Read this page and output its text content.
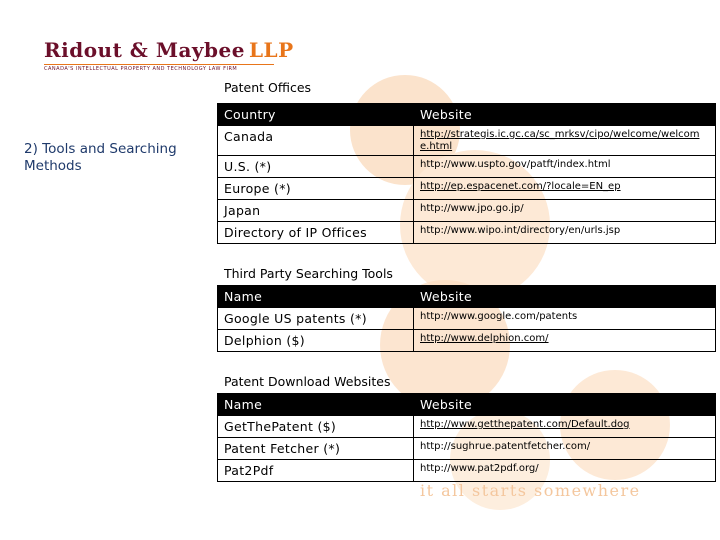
Ridout & Maybee LLP
CANADA'S INTELLECTUAL PROPERTY AND TECHNOLOGY LAW FIRM
2) Tools and Searching Methods
Patent Offices
Country	Website
Canada	http://strategis.ic.gc.ca/sc_mrksv/cipo/welcome/welcom e.html
U.S. (*)	http://www.uspto.gov/patft/index.html
Europe (*)	http://ep.espacenet.com/?locale=EN_ep
Japan	http://www.jpo.go.jp/
Directory of IP Offices	http://www.wipo.int/directory/en/urls.jsp
Third Party Searching Tools
Name	Website
Google US patents (*)	http://www.google.com/patents
Delphion ($)	http://www.delphion.com/
Patent Download Websites
Name	Website
GetThePatent ($)	http://www.getthepatent.com/Default.dog
Patent Fetcher (*)	http://sughrue.patentfetcher.com/
Pat2Pdf	http://www.pat2pdf.org/
it all starts somewhere
